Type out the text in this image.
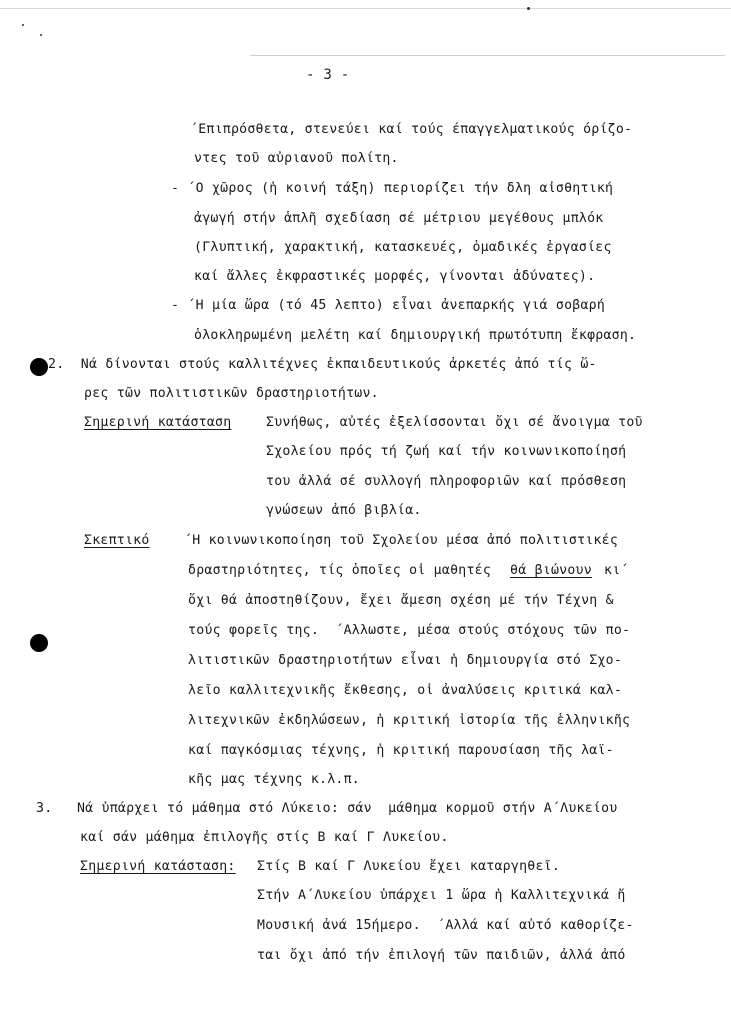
- 3 -
΄Επιπρόσθετα, στενεύει καί τούς έπαγγελματικούς όρίζο-
ντες τοῦ αὐριανοῦ πολίτη.
- ΄Ο χῶρος (ἡ κοινή τάξη) περιορίζει τήν δλη αἰσθητική
ἀγωγή στήν ἁπλῆ σχεδίαση σέ μέτριου μεγέθους μπλόκ
(Γλυπτική, χαρακτική, κατασκευές, ὁμαδικές ἐργασίες
καί ἄλλες ἐκφραστικές μορφές, γίνονται ἀδύνατες).
- ΄Η μία ὥρα (τό 45 λεπτο) εἶναι ἀνεπαρκής γιά σοβαρή
ὁλοκληρωμένη μελέτη καί δημιουργική πρωτότυπη ἔκφραση.
2.  Νά δίνονται στούς καλλιτέχνες ἐκπαιδευτικούς ἀρκετές ἀπό τίς ὥ-
ρες τῶν πολιτιστικῶν δραστηριοτήτων.
Σημερινή κατάσταση	Συνήθως, αὐτές ἐξελίσσονται ὄχι σέ ἄνοιγμα τοῦ
Σχολείου πρός τή ζωή καί τήν κοινωνικοποίησή
του ἀλλά σέ συλλογή πληροφοριῶν καί πρόσθεση
γνώσεων ἀπό βιβλία.
Σκεπτικό	΄Η κοινωνικοποίηση τοῦ Σχολείου μέσα ἀπό πολιτιστικές
δραστηριότητες, τίς ὁποῖες οἱ μαθητές θά βιώνουν κι΄
ὄχι θά ἀποστηθίζουν, ἔχει ἄμεση σχέση μέ τήν Τέχνη &
τούς φορεῖς της.  ΄Αλλωστε, μέσα στούς στόχους τῶν πο-
λιτιστικῶν δραστηριοτήτων εἶναι ἡ δημιουργία στό Σχο-
λεῖο καλλιτεχνικῆς ἔκθεσης, οἱ ἀναλύσεις κριτικά καλ-
λιτεχνικῶν ἐκδηλώσεων, ἡ κριτική ἱστορία τῆς ἑλληνικῆς
καί παγκόσμιας τέχνης, ἡ κριτική παρουσίαση τῆς λαϊ-
κῆς μας τέχνης κ.λ.π.
3.   Νά ὑπάρχει τό μάθημα στό Λύκειο: σάν  μάθημα κορμοῦ στήν Α΄Λυκείου
καί σάν μάθημα ἐπιλογῆς στίς Β καί Γ Λυκείου.
Σημερινή κατάσταση: Στίς Β καί Γ Λυκείου ἔχει καταργηθεῖ.
Στήν Α΄Λυκείου ὑπάρχει 1 ὥρα ἡ Καλλιτεχνικά ἤ
Μουσική ἀνά 15ήμερο.  ΄Αλλά καί αὐτό καθορίζε-
ται ὄχι ἀπό τήν ἐπιλογή τῶν παιδιῶν, ἀλλά ἀπό
